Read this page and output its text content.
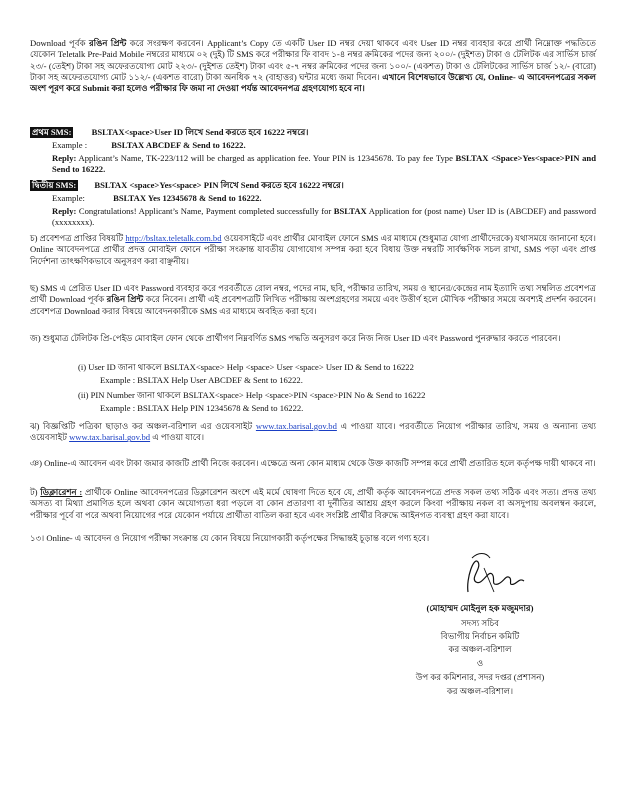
Download পূর্বক রঙিন প্রিন্ট করে সংরক্ষণ করবেন। Applicant’s Copy তে একটি User ID নম্বর দেয়া থাকবে এবং User ID নম্বর ব্যবহার করে প্রার্থী নিম্নোক্ত পদ্ধতিতে যেকোন Teletalk Pre-Paid Mobile নম্বরের মাধ্যমে ০২ (দুই) টি SMS করে পরীক্ষার ফি বাবদ ১-৪ নম্বর ক্রমিকের পদের জন্য ২০০/- (দুইশত) টাকা ও টেলিটক এর সার্ভিস চার্জ ২৩/- (তেইশ) টাকা সহ অফেরতযোগ্য মোট ২২৩/- (দুইশত তেইশ) টাকা এবং ৫-৭ নম্বর ক্রমিকের পদের জন্য ১০০/- (একশত) টাকা ও টেলিটকের সার্ভিস চার্জ ১২/- (বারো) টাকা সহ অফেরতযোগ্য মোট ১১২/- (একশত বারো) টাকা অনধিক ৭২ (বাহাত্তর) ঘন্টার মধ্যে জমা দিবেন। এখানে বিশেষভাবে উল্লেখ্য যে, Online- এ আবেদনপত্রের সকল অংশ পূরণ করে Submit করা হলেও পরীক্ষার ফি জমা না দেওয়া পর্যন্ত আবেদনপত্র গ্রহণযোগ্য হবে না।

প্রথম SMS: BSLTAX<space>User ID লিখে Send করতে হবে 16222 নম্বরে।
Example :	BSLTAX ABCDEF & Send to 16222.

Reply: Applicant’s Name, TK-223/112 will be charged as application fee. Your PIN is 12345678. To pay fee Type BSLTAX <Space>Yes<space>PIN and Send to 16222.

দ্বিতীয় SMS: BSLTAX <space>Yes<space> PIN লিখে Send করতে হবে 16222 নম্বরে।
Example:	BSLTAX Yes 12345678 & Send to 16222.

Reply: Congratulations! Applicant’s Name, Payment completed successfully for BSLTAX Application for (post name) User ID is (ABCDEF) and password (xxxxxxxx).

চ) প্রবেশপত্র প্রাপ্তির বিষয়টি http://bsltax.teletalk.com.bd ওয়েবসাইটে এবং প্রার্থীর মোবাইল ফোনে SMS এর মাধ্যমে (শুধুমাত্র যোগ্য প্রার্থীদেরকে) যথাসময়ে জানানো হবে। Online আবেদনপত্রে প্রার্থীর প্রদত্ত মোবাইল ফোনে পরীক্ষা সংক্রান্ত যাবতীয় যোগাযোগ সম্পন্ন করা হবে বিধায় উক্ত নম্বরটি সার্বক্ষণিক সচল রাখা, SMS পড়া এবং প্রাপ্ত নির্দেশনা তাৎক্ষণিকভাবে অনুসরণ করা বাঞ্ছনীয়।

ছ) SMS এ প্রেরিত User ID এবং Password ব্যবহার করে পরবর্তীতে রোল নম্বর, পদের নাম, ছবি, পরীক্ষার তারিখ, সময় ও স্থানের/কেন্দ্রের নাম ইত্যাদি তথ্য সম্বলিত প্রবেশপত্র প্রার্থী Download পূর্বক রঙিন প্রিন্ট করে নিবেন। প্রার্থী এই প্রবেশপত্রটি লিখিত পরীক্ষায় অংশগ্রহণের সময়ে এবং উত্তীর্ণ হলে মৌখিক পরীক্ষার সময়ে অবশ্যই প্রদর্শন করবেন। প্রবেশপত্র Download করার বিষয়ে আবেদনকারীকে SMS এর মাধ্যমে অবহিত করা হবে।

জ) শুধুমাত্র টেলিটক প্রি-পেইড মোবাইল ফোন থেকে প্রার্থীগণ নিম্নবর্ণিত SMS পদ্ধতি অনুসরণ করে নিজ নিজ User ID এবং Password পুনরুদ্ধার করতে পারবেন।

(i) User ID জানা থাকলে BSLTAX<space> Help <space> User <space> User ID & Send to 16222
Example : BSLTAX Help User ABCDEF & Sent to 16222.
(ii) PIN Number জানা থাকলে BSLTAX<space> Help <space>PIN <space>PIN No & Send to 16222
Example : BSLTAX Help PIN 12345678 & Send to 16222.

ঝ) বিজ্ঞপ্তিটি পত্রিকা ছাড়াও কর অঞ্চল-বরিশাল এর ওয়েবসাইট www.tax.barisal.gov.bd এ পাওয়া যাবে। পরবর্তীতে নিয়োগ পরীক্ষার তারিখ, সময় ও অন্যান্য তথ্য ওয়েবসাইট www.tax.barisal.gov.bd এ পাওয়া যাবে।

ঞ) Online-এ আবেদন এবং টাকা জমার কাজটি প্রার্থী নিজে করবেন। এক্ষেত্রে অন্য কোন মাধ্যম থেকে উক্ত কাজটি সম্পন্ন করে প্রার্থী প্রতারিত হলে কর্তৃপক্ষ দায়ী থাকবে না।

ট) ডিক্লারেশন : প্রার্থীকে Online আবেদনপত্রের ডিক্লারেশন অংশে এই মর্মে ঘোষণা দিতে হবে যে, প্রার্থী কর্তৃক আবেদনপত্রে প্রদত্ত সকল তথ্য সঠিক এবং সত্য। প্রদত্ত তথ্য অসত্য বা মিথ্যা প্রমাণিত হলে অথবা কোন অযোগ্যতা ধরা পড়লে বা কোন প্রতারণা বা দুর্নীতির আশ্রয় গ্রহণ করলে কিংবা পরীক্ষায় নকল বা অসদুপায় অবলম্বন করলে, পরীক্ষার পূর্বে বা পরে অথবা নিয়োগের পরে যেকোন পর্যায়ে প্রার্থীতা বাতিল করা হবে এবং সংশ্লিষ্ট প্রার্থীর বিরুদ্ধে আইনগত ব্যবস্থা গ্রহণ করা যাবে।

১৩। Online- এ আবেদন ও নিয়োগ পরীক্ষা সংক্রান্ত যে কোন বিষয়ে নিয়োগকারী কর্তৃপক্ষের সিদ্ধান্তই চূড়ান্ত বলে গণ্য হবে।

(মোহাম্মদ মোইনুল হক মজুমদার)
সদস্য সচিব
বিভাগীয় নির্বাচন কমিটি
কর অঞ্চল-বরিশাল
ও
উপ কর কমিশনার, সদর দপ্তর (প্রশাসন)
কর অঞ্চল-বরিশাল।
